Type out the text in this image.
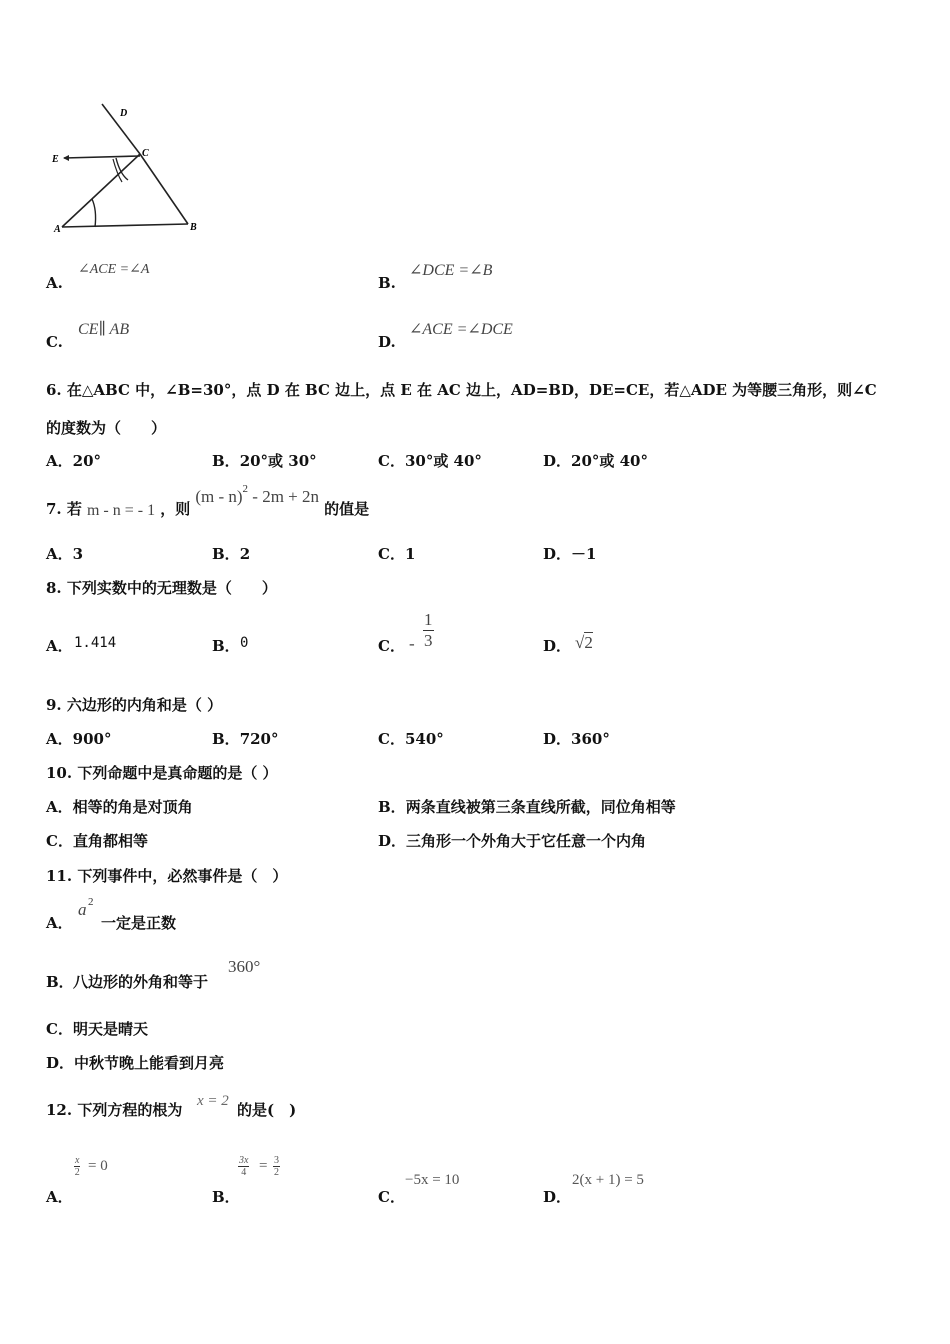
D
E
C
A	B
A.
∠ACE =∠A
B.
∠DCE =∠B
C.
CE∥ AB
D.
∠ACE =∠DCE
6. 在△ABC 中，∠B=30°，点 D 在 BC 边上，点 E 在 AC 边上，AD=BD，DE=CE，若△ADE 为等腰三角形，则∠C
的度数为（　　）
A．20°	B．20°或 30°	C．30°或 40°	D．20°或 40°
7. 若 m - n = - 1 ，则 (m - n)$^2$ - 2m + 2n 的值是
A．3	B．2	C．1	D．－1
8. 下列实数中的无理数是（　　）
A． 1.414	B． 0	C． - $\frac{1}{3}$	D． √2
9. 六边形的内角和是（ ）
A．900°	B．720°	C．540°	D．360°
10. 下列命题中是真命题的是（ ）
A．相等的角是对顶角	B．两条直线被第三条直线所截，同位角相等
C．直角都相等	D．三角形一个外角大于它任意一个内角
11. 下列事件中，必然事件是（　）
A．
a 2
一定是正数
B． 八边形的外角和等于
360°
C．明天是晴天
D．中秋节晚上能看到月亮
12. 下列方程的根为 x = 2 的是(　)
A．
$\frac{x}{2} = 0$
B．
$\frac{3x}{4} = \frac{3}{2}$
C．
−5x = 10
D．
2(x + 1) = 5
